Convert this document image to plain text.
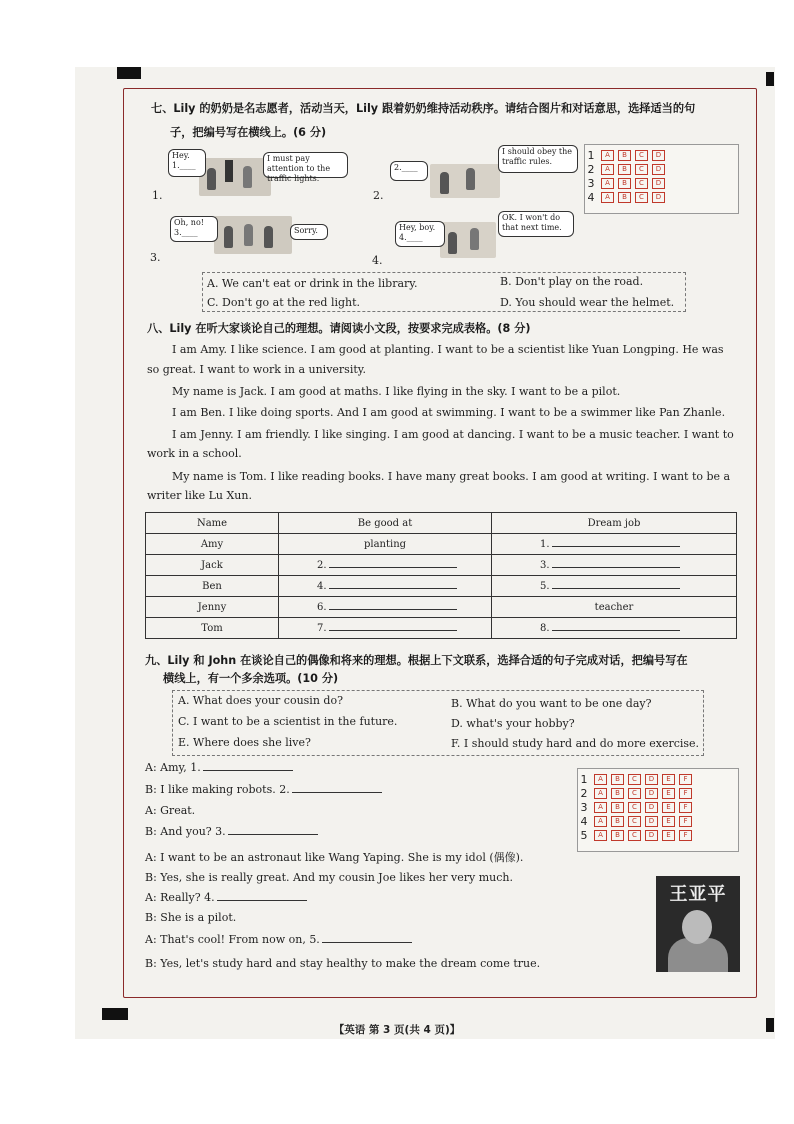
七、Lily 的奶奶是名志愿者，活动当天，Lily 跟着奶奶维持活动秩序。请结合图片和对话意思，选择适当的句
子，把编号写在横线上。(6 分)
Hey.
1.____
I must pay attention to the traffic lights.
1.
2.____
I should obey the traffic rules.
2.
Oh, no!
3.____	Sorry.
3.
Hey, boy.
4.____
OK. I won't do that next time.
4.
1	A	B	C	D
2	A	B	C	D
3	A	B	C	D
4	A	B	C	D
A. We can't eat or drink in the library.	B. Don't play on the road.
C. Don't go at the red light.	D. You should wear the helmet.
八、Lily 在听大家谈论自己的理想。请阅读小文段，按要求完成表格。(8 分)
I am Amy. I like science. I am good at planting. I want to be a scientist like Yuan Longping. He was
so great. I want to work in a university.
My name is Jack. I am good at maths. I like flying in the sky. I want to be a pilot.
I am Ben. I like doing sports. And I am good at swimming. I want to be a swimmer like Pan Zhanle.
I am Jenny. I am friendly. I like singing. I am good at dancing. I want to be a music teacher. I want to
work in a school.
My name is Tom. I like reading books. I have many great books. I am good at writing. I want to be a
writer like Lu Xun.
Name	Be good at	Dream job
Amy	planting	1.
Jack	2.	3.
Ben	4.	5.
Jenny	6.	teacher
Tom	7.	8.
九、Lily 和 John 在谈论自己的偶像和将来的理想。根据上下文联系，选择合适的句子完成对话，把编号写在
横线上，有一个多余选项。(10 分)
A. What does your cousin do?	B. What do you want to be one day?
C. I want to be a scientist in the future.	D. what's your hobby?
E. Where does she live?	F. I should study hard and do more exercise.
A: Amy, 1.
B: I like making robots. 2.
A: Great.
B: And you? 3.
A: I want to be an astronaut like Wang Yaping. She is my idol (偶像).
B: Yes, she is really great. And my cousin Joe likes her very much.
A: Really? 4.
B: She is a pilot.
A: That's cool! From now on, 5.
B: Yes, let's study hard and stay healthy to make the dream come true.
1	A	B	C	D	E	F
2	A	B	C	D	E	F
3	A	B	C	D	E	F
4	A	B	C	D	E	F
5	A	B	C	D	E	F
王亚平
【英语 第 3 页(共 4 页)】
